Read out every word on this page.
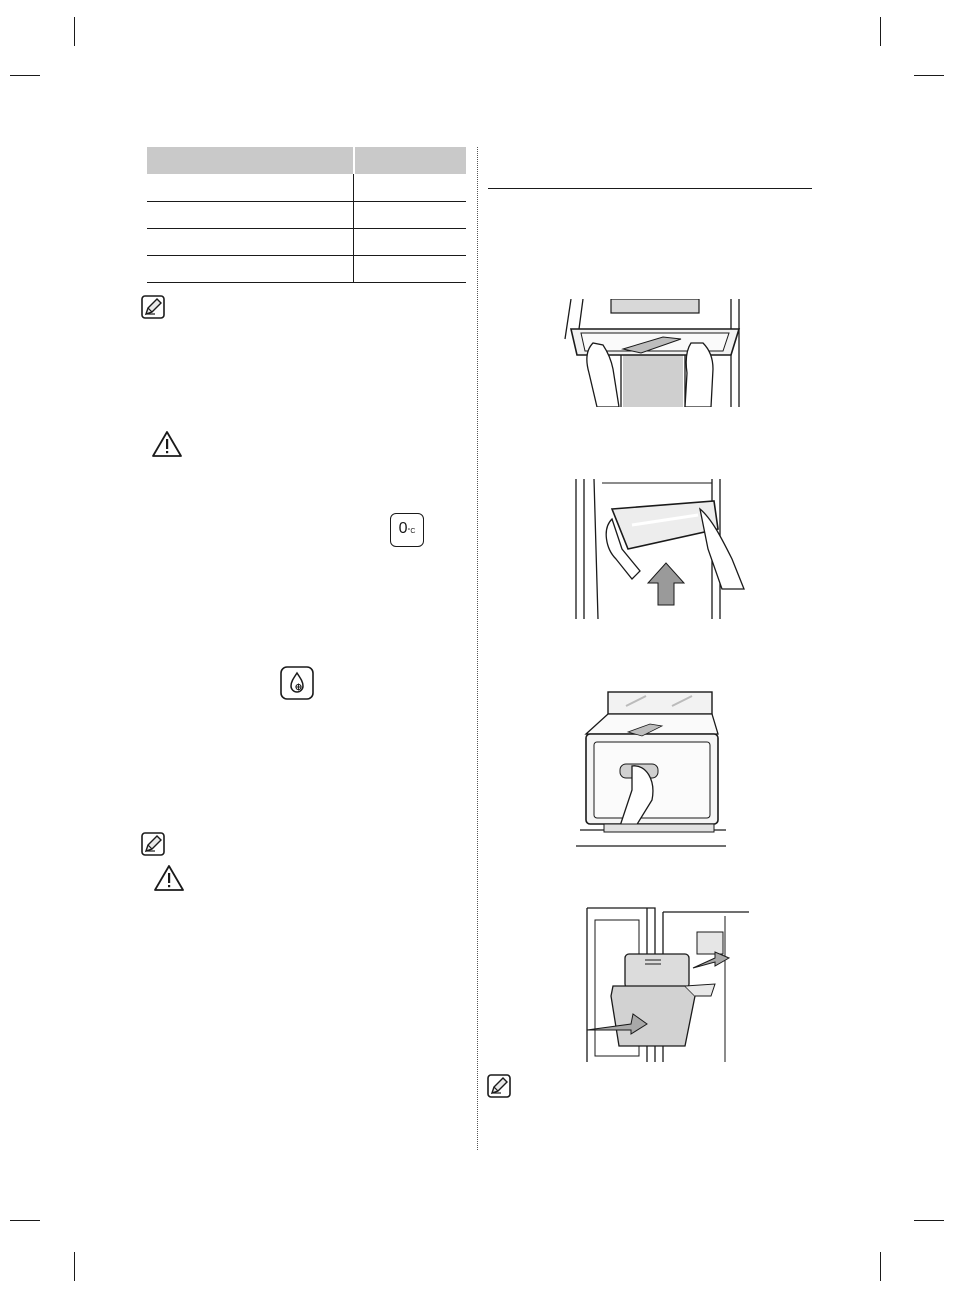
0°C
